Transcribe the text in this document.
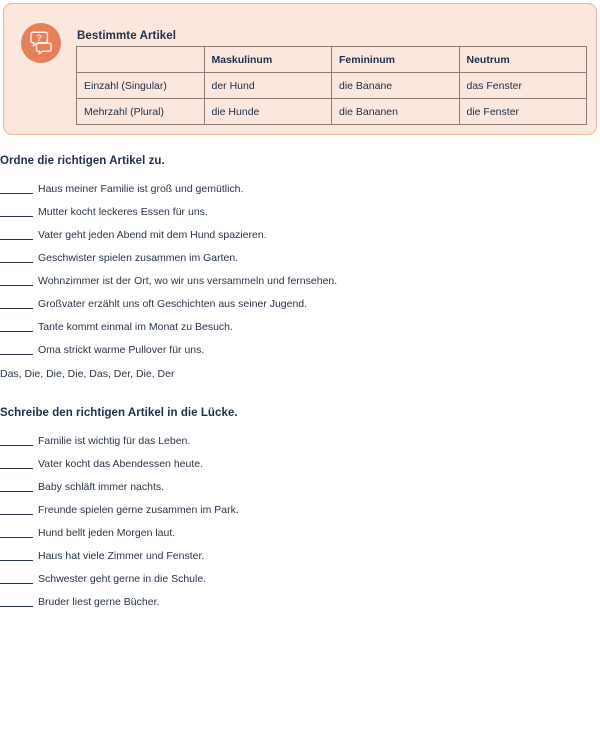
?	Bestimmte Artikel
	Maskulinum	Femininum	Neutrum
Einzahl (Singular)	der Hund	die Banane	das Fenster
Mehrzahl (Plural)	die Hunde	die Bananen	die Fenster
Ordne die richtigen Artikel zu.
Haus meiner Familie ist groß und gemütlich.
Mutter kocht leckeres Essen für uns.
Vater geht jeden Abend mit dem Hund spazieren.
Geschwister spielen zusammen im Garten.
Wohnzimmer ist der Ort, wo wir uns versammeln und fernsehen.
Großvater erzählt uns oft Geschichten aus seiner Jugend.
Tante kommt einmal im Monat zu Besuch.
Oma strickt warme Pullover für uns.
Das, Die, Die, Die, Das, Der, Die, Der
Schreibe den richtigen Artikel in die Lücke.
Familie ist wichtig für das Leben.
Vater kocht das Abendessen heute.
Baby schläft immer nachts.
Freunde spielen gerne zusammen im Park.
Hund bellt jeden Morgen laut.
Haus hat viele Zimmer und Fenster.
Schwester geht gerne in die Schule.
Bruder liest gerne Bücher.
